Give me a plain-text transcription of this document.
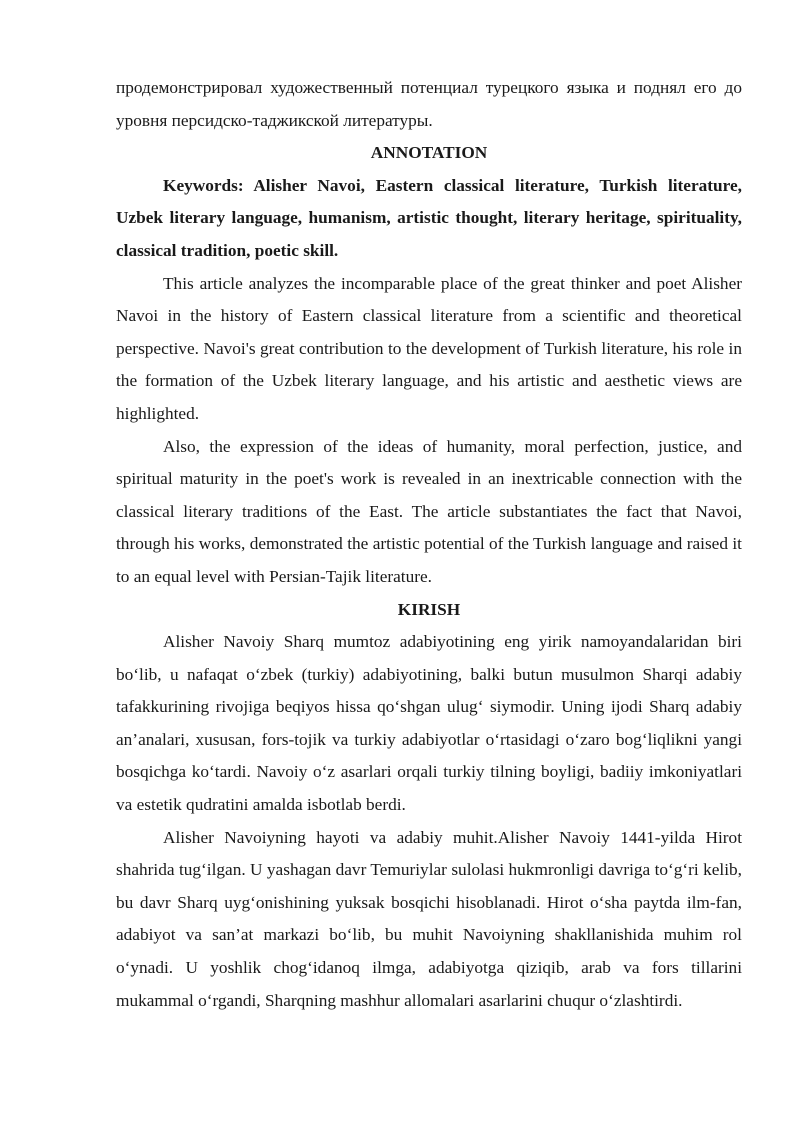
продемонстрировал художественный потенциал турецкого языка и поднял его до уровня персидско-таджикской литературы.

ANNOTATION

Keywords: Alisher Navoi, Eastern classical literature, Turkish literature, Uzbek literary language, humanism, artistic thought, literary heritage, spirituality, classical tradition, poetic skill.

This article analyzes the incomparable place of the great thinker and poet Alisher Navoi in the history of Eastern classical literature from a scientific and theoretical perspective. Navoi's great contribution to the development of Turkish literature, his role in the formation of the Uzbek literary language, and his artistic and aesthetic views are highlighted.

Also, the expression of the ideas of humanity, moral perfection, justice, and spiritual maturity in the poet's work is revealed in an inextricable connection with the classical literary traditions of the East. The article substantiates the fact that Navoi, through his works, demonstrated the artistic potential of the Turkish language and raised it to an equal level with Persian-Tajik literature.

KIRISH

Alisher Navoiy Sharq mumtoz adabiyotining eng yirik namoyandalaridan biri bo‘lib, u nafaqat o‘zbek (turkiy) adabiyotining, balki butun musulmon Sharqi adabiy tafakkurining rivojiga beqiyos hissa qo‘shgan ulug‘ siymodir. Uning ijodi Sharq adabiy an’analari, xususan, fors-tojik va turkiy adabiyotlar o‘rtasidagi o‘zaro bog‘liqlikni yangi bosqichga ko‘tardi. Navoiy o‘z asarlari orqali turkiy tilning boyligi, badiiy imkoniyatlari va estetik qudratini amalda isbotlab berdi.

Alisher Navoiyning hayoti va adabiy muhit.Alisher Navoiy 1441-yilda Hirot shahrida tug‘ilgan. U yashagan davr Temuriylar sulolasi hukmronligi davriga to‘g‘ri kelib, bu davr Sharq uyg‘onishining yuksak bosqichi hisoblanadi. Hirot o‘sha paytda ilm-fan, adabiyot va san’at markazi bo‘lib, bu muhit Navoiyning shakllanishida muhim rol o‘ynadi. U yoshlik chog‘idanoq ilmga, adabiyotga qiziqib, arab va fors tillarini mukammal o‘rgandi, Sharqning mashhur allomalari asarlarini chuqur o‘zlashtirdi.
